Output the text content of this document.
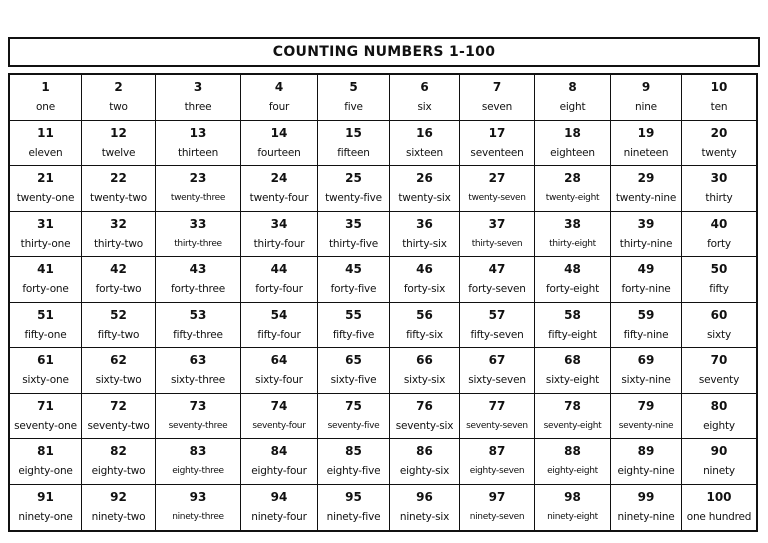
COUNTING NUMBERS 1-100
1
one
2
two
3
three
4
four
5
five
6
six
7
seven
8
eight
9
nine
10
ten
11
eleven
12
twelve
13
thirteen
14
fourteen
15
fifteen
16
sixteen
17
seventeen
18
eighteen
19
nineteen
20
twenty
21
twenty-one
22
twenty-two
23
twenty-three
24
twenty-four
25
twenty-five
26
twenty-six
27
twenty-seven
28
twenty-eight
29
twenty-nine
30
thirty
31
thirty-one
32
thirty-two
33
thirty-three
34
thirty-four
35
thirty-five
36
thirty-six
37
thirty-seven
38
thirty-eight
39
thirty-nine
40
forty
41
forty-one
42
forty-two
43
forty-three
44
forty-four
45
forty-five
46
forty-six
47
forty-seven
48
forty-eight
49
forty-nine
50
fifty
51
fifty-one
52
fifty-two
53
fifty-three
54
fifty-four
55
fifty-five
56
fifty-six
57
fifty-seven
58
fifty-eight
59
fifty-nine
60
sixty
61
sixty-one
62
sixty-two
63
sixty-three
64
sixty-four
65
sixty-five
66
sixty-six
67
sixty-seven
68
sixty-eight
69
sixty-nine
70
seventy
71
seventy-one
72
seventy-two
73
seventy-three
74
seventy-four
75
seventy-five
76
seventy-six
77
seventy-seven
78
seventy-eight
79
seventy-nine
80
eighty
81
eighty-one
82
eighty-two
83
eighty-three
84
eighty-four
85
eighty-five
86
eighty-six
87
eighty-seven
88
eighty-eight
89
eighty-nine
90
ninety
91
ninety-one
92
ninety-two
93
ninety-three
94
ninety-four
95
ninety-five
96
ninety-six
97
ninety-seven
98
ninety-eight
99
ninety-nine
100
one hundred
